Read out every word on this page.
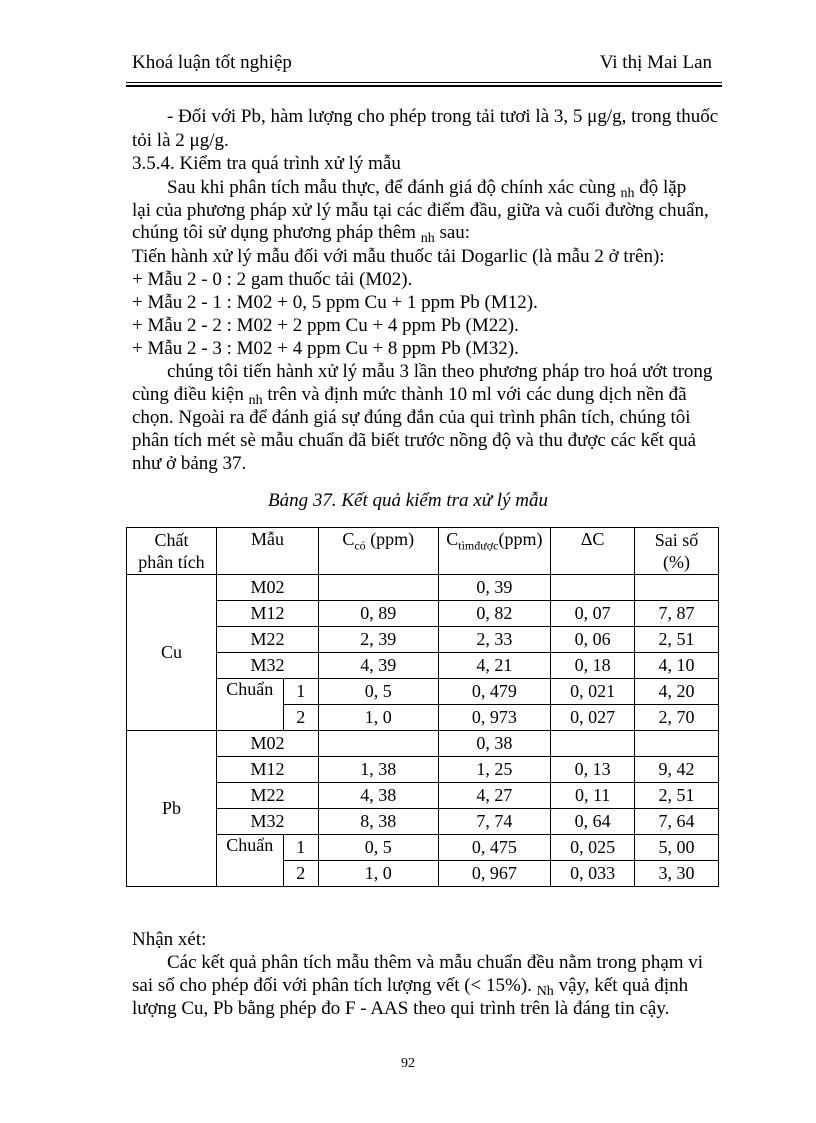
Khoá luận tốt nghiệp	Vi thị Mai Lan
- Đối với Pb, hàm lượng cho phép trong tải tươi là 3, 5 μg/g, trong thuốc
tỏi là 2 μg/g.
3.5.4. Kiểm tra quá trình xử lý mẫu
Sau khi phân tích mẫu thực, để đánh giá độ chính xác cùng $_{nh}$ độ lặp
lại của phương pháp xử lý mẫu tại các điểm đầu, giữa và cuối đường chuẩn,
chúng tôi sử dụng phương pháp thêm $_{nh}$ sau:
Tiến hành xử lý mẫu đối với mẫu thuốc tải Dogarlic (là mẫu 2 ở trên):
+ Mẫu 2 - 0 : 2 gam thuốc tải (M02).
+ Mẫu 2 - 1 : M02 + 0, 5 ppm Cu + 1 ppm Pb (M12).
+ Mẫu 2 - 2 : M02 + 2 ppm Cu + 4 ppm Pb (M22).
+ Mẫu 2 - 3 : M02 + 4 ppm Cu + 8 ppm Pb (M32).
chúng tôi tiến hành xử lý mẫu 3 lần theo phương pháp tro hoá ướt trong
cùng điều kiện $_{nh}$ trên và định mức thành 10 ml với các dung dịch nền đã
chọn. Ngoài ra để đánh giá sự đúng đắn của qui trình phân tích, chúng tôi
phân tích mét sè mẫu chuẩn đã biết trước nồng độ và thu được các kết quả
như ở bảng 37.
Bảng 37. Kết quả kiểm tra xử lý mẫu
Chất
phân tích	Mẫu		$C_{có}$ (ppm)	$C_{tìmđược}(ppm)$	ΔC	Sai số
(%)
Cu	M02			0, 39		
	M12		0, 89	0, 82	0, 07	7, 87
	M22		2, 39	2, 33	0, 06	2, 51
	M32		4, 39	4, 21	0, 18	4, 10
	Chuẩn	1	0, 5	0, 479	0, 021	4, 20
		2	1, 0	0, 973	0, 027	2, 70
Pb	M02			0, 38		
	M12		1, 38	1, 25	0, 13	9, 42
	M22		4, 38	4, 27	0, 11	2, 51
	M32		8, 38	7, 74	0, 64	7, 64
	Chuẩn	1	0, 5	0, 475	0, 025	5, 00
		2	1, 0	0, 967	0, 033	3, 30
Nhận xét:
Các kết quả phân tích mẫu thêm và mẫu chuẩn đều nằm trong phạm vi
sai số cho phép đối với phân tích lượng vết (< 15%). $_{Nh}$ vậy, kết quả định
lượng Cu, Pb bằng phép đo F - AAS theo qui trình trên là đáng tin cậy.
92
